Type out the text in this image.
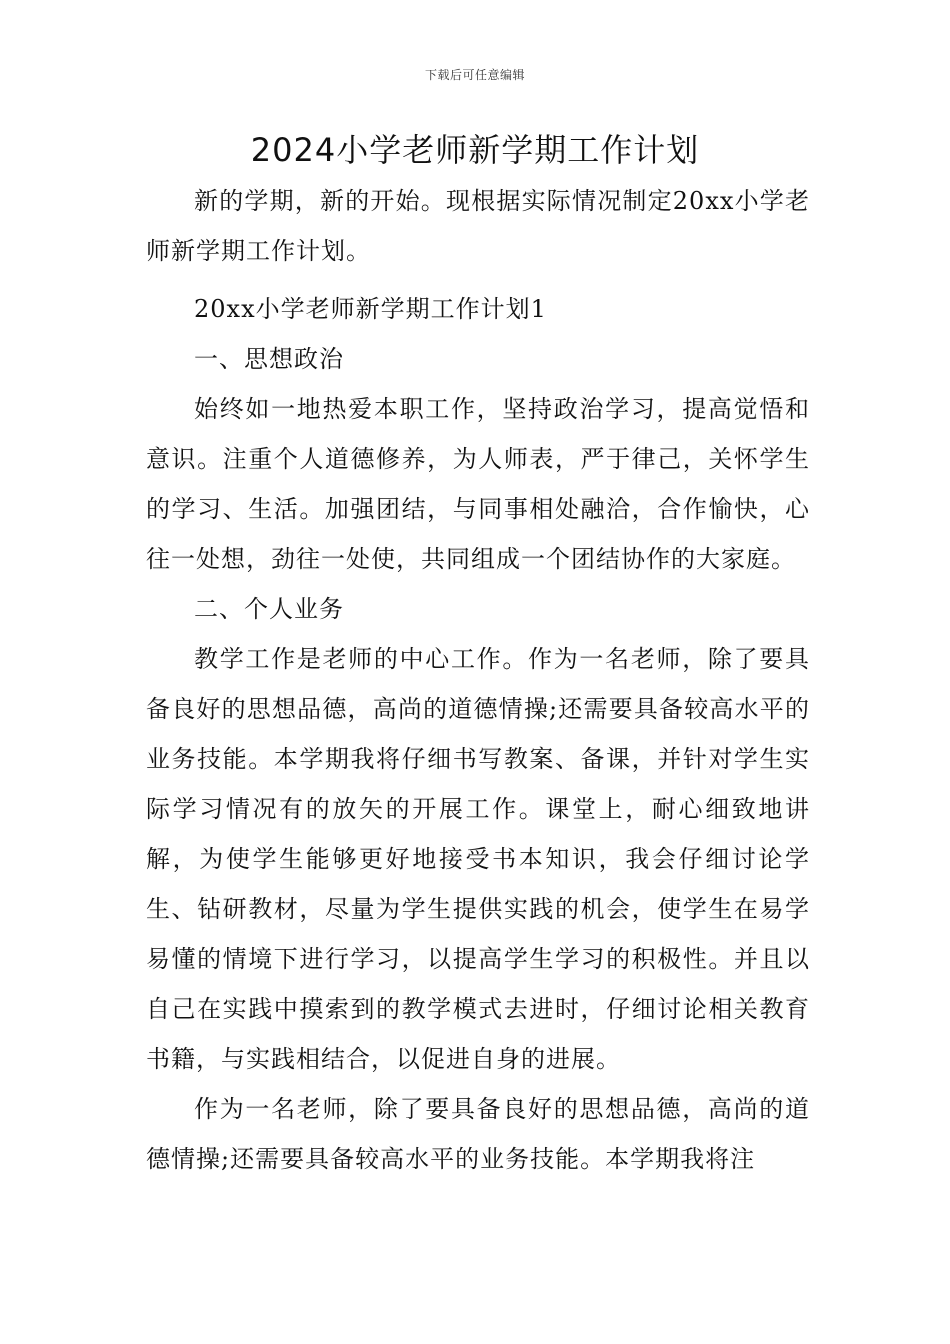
下载后可任意编辑
2024小学老师新学期工作计划

新的学期，新的开始。现根据实际情况制定20xx小学老师新学期工作计划。

20xx小学老师新学期工作计划1

一、思想政治

始终如一地热爱本职工作，坚持政治学习，提高觉悟和意识。注重个人道德修养，为人师表，严于律己，关怀学生的学习、生活。加强团结，与同事相处融洽，合作愉快，心往一处想，劲往一处使，共同组成一个团结协作的大家庭。

二、个人业务

教学工作是老师的中心工作。作为一名老师，除了要具备良好的思想品德，高尚的道德情操;还需要具备较高水平的业务技能。本学期我将仔细书写教案、备课，并针对学生实际学习情况有的放矢的开展工作。课堂上，耐心细致地讲解，为使学生能够更好地接受书本知识，我会仔细讨论学生、钻研教材，尽量为学生提供实践的机会，使学生在易学易懂的情境下进行学习，以提高学生学习的积极性。并且以自己在实践中摸索到的教学模式去进时，仔细讨论相关教育书籍，与实践相结合，以促进自身的进展。

作为一名老师，除了要具备良好的思想品德，高尚的道德情操;还需要具备较高水平的业务技能。本学期我将注
